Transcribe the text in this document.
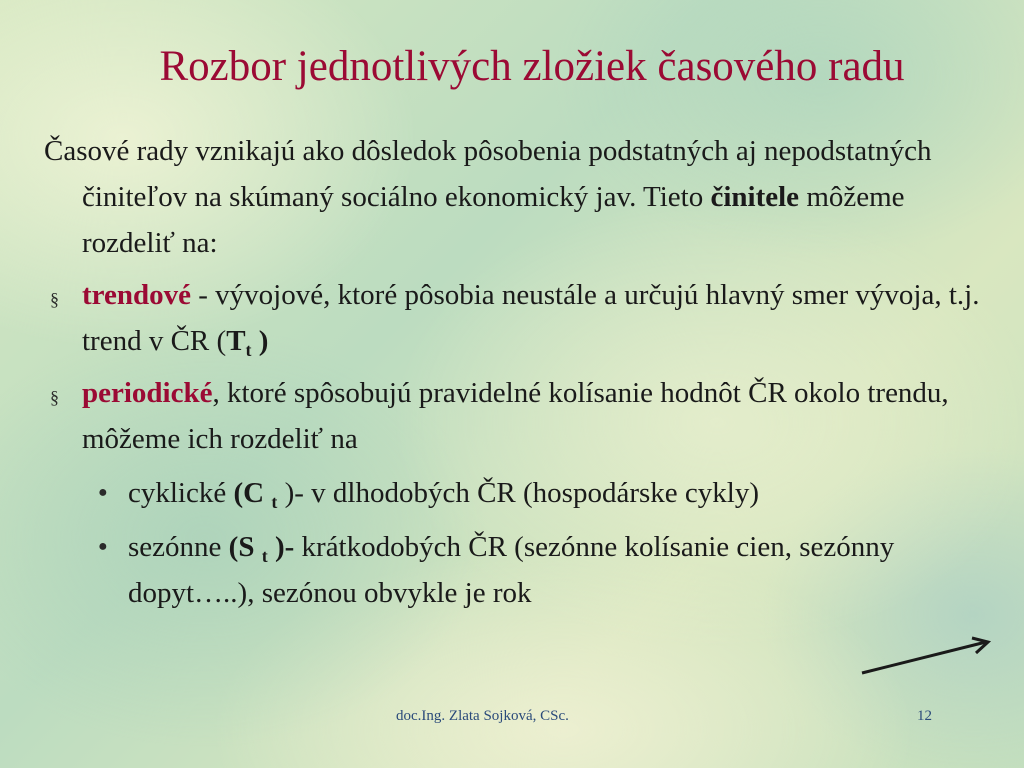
Rozbor jednotlivých zložiek časového radu

Časové rady vznikajú ako dôsledok pôsobenia podstatných aj nepodstatných činiteľov na skúmaný sociálno ekonomický jav. Tieto činitele môžeme rozdeliť na:

§ trendové - vývojové, ktoré pôsobia neustále a určujú hlavný smer vývoja, t.j. trend v ČR ($T_t$ )
§ periodické, ktoré spôsobujú pravidelné kolísanie hodnôt ČR okolo trendu, môžeme ich rozdeliť na
● cyklické (C $_t$ )- v dlhodobých ČR (hospodárske cykly)
● sezónne (S $_t$ )- krátkodobých ČR (sezónne kolísanie cien, sezónny dopyt…..), sezónou obvykle je rok
doc.Ing. Zlata Sojková, CSc.	12
